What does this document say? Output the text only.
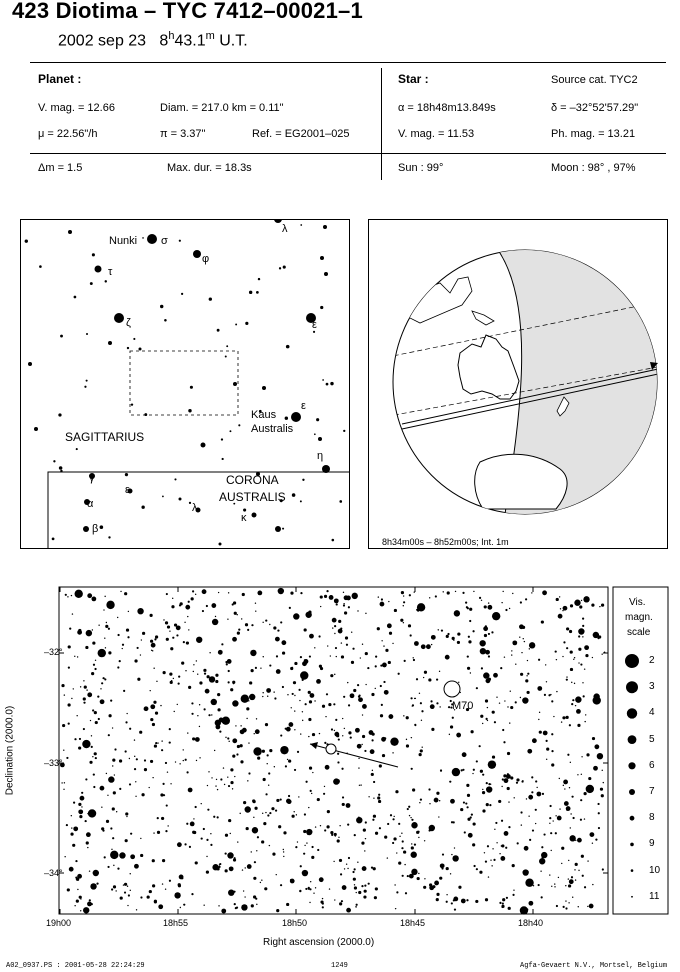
423 Diotima – TYC 7412–00021–1
2002 sep 23 8$^h$43.1$^m$ U.T.
Planet :
V. mag. = 12.66	Diam. = 217.0 km = 0.11"
μ = 22.56"/h	π = 3.37"	Ref. = EG2001–025
Star :	Source cat. TYC2
α = 18h48m13.849s	δ = –32°52'57.29"
V. mag. = 11.53	Ph. mag. = 13.21
Δm = 1.5	Max. dur. = 18.3s	Sun : 99°	Moon : 98° , 97%
Nunki σ
φ
λ
τ
ζ	ε
Kaus
Australis
ε
η
SAGITTARIUS
CORONA
AUSTRALIS
γ
ε
α
β
λ
κ
8h34m00s – 8h52m00s; Int. 1m
–32°
–33°
–34°
19h00	18h55	18h50	18h45	18h40
Declination (2000.0)
Right ascension (2000.0)
M70
Vis.
magn.
scale
2
3
4
5
6
7
8
9
10
11
A02_0937.PS : 2001-05-28 22:24:29	1249	Agfa-Gevaert N.V., Mortsel, Belgium
